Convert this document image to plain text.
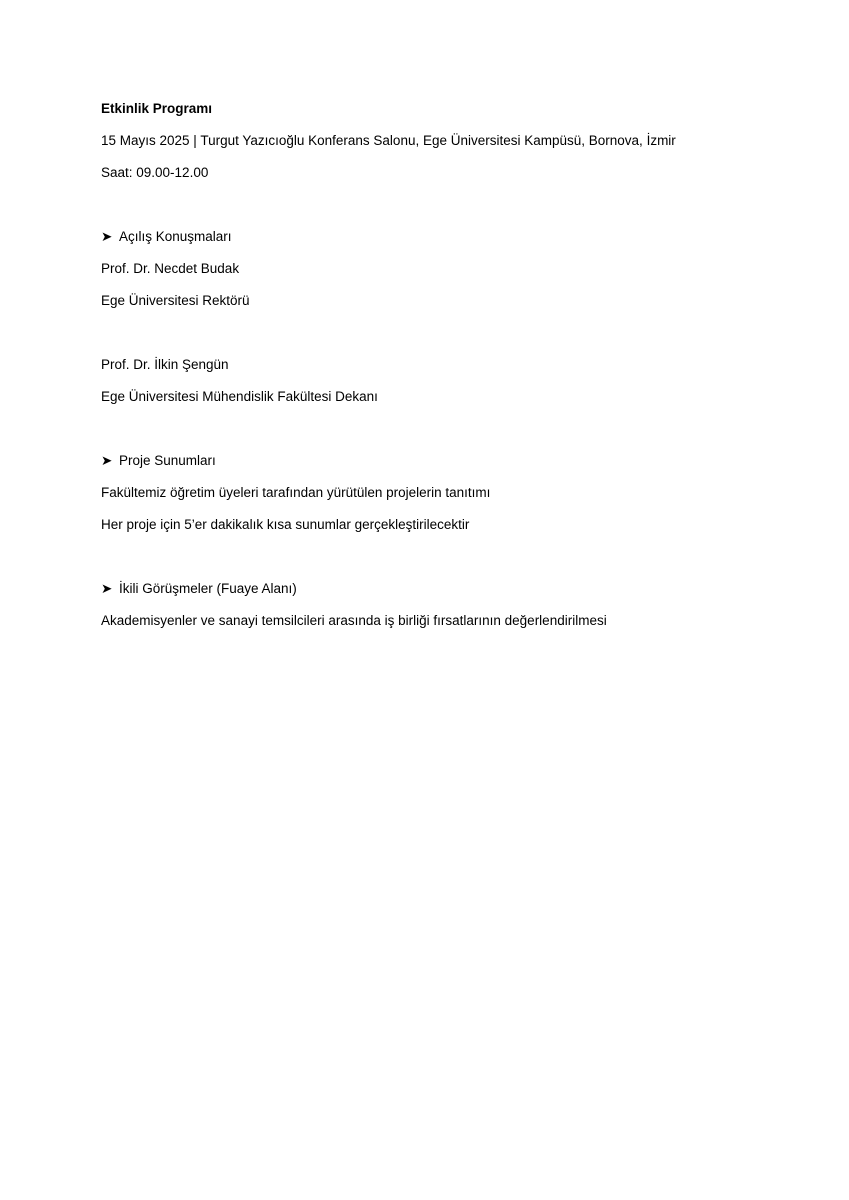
Etkinlik Programı
15 Mayıs 2025 | Turgut Yazıcıoğlu Konferans Salonu, Ege Üniversitesi Kampüsü, Bornova, İzmir
Saat: 09.00-12.00
➤ Açılış Konuşmaları
Prof. Dr. Necdet Budak
Ege Üniversitesi Rektörü
Prof. Dr. İlkin Şengün
Ege Üniversitesi Mühendislik Fakültesi Dekanı
➤ Proje Sunumları
Fakültemiz öğretim üyeleri tarafından yürütülen projelerin tanıtımı
Her proje için 5’er dakikalık kısa sunumlar gerçekleştirilecektir
➤ İkili Görüşmeler (Fuaye Alanı)
Akademisyenler ve sanayi temsilcileri arasında iş birliği fırsatlarının değerlendirilmesi
